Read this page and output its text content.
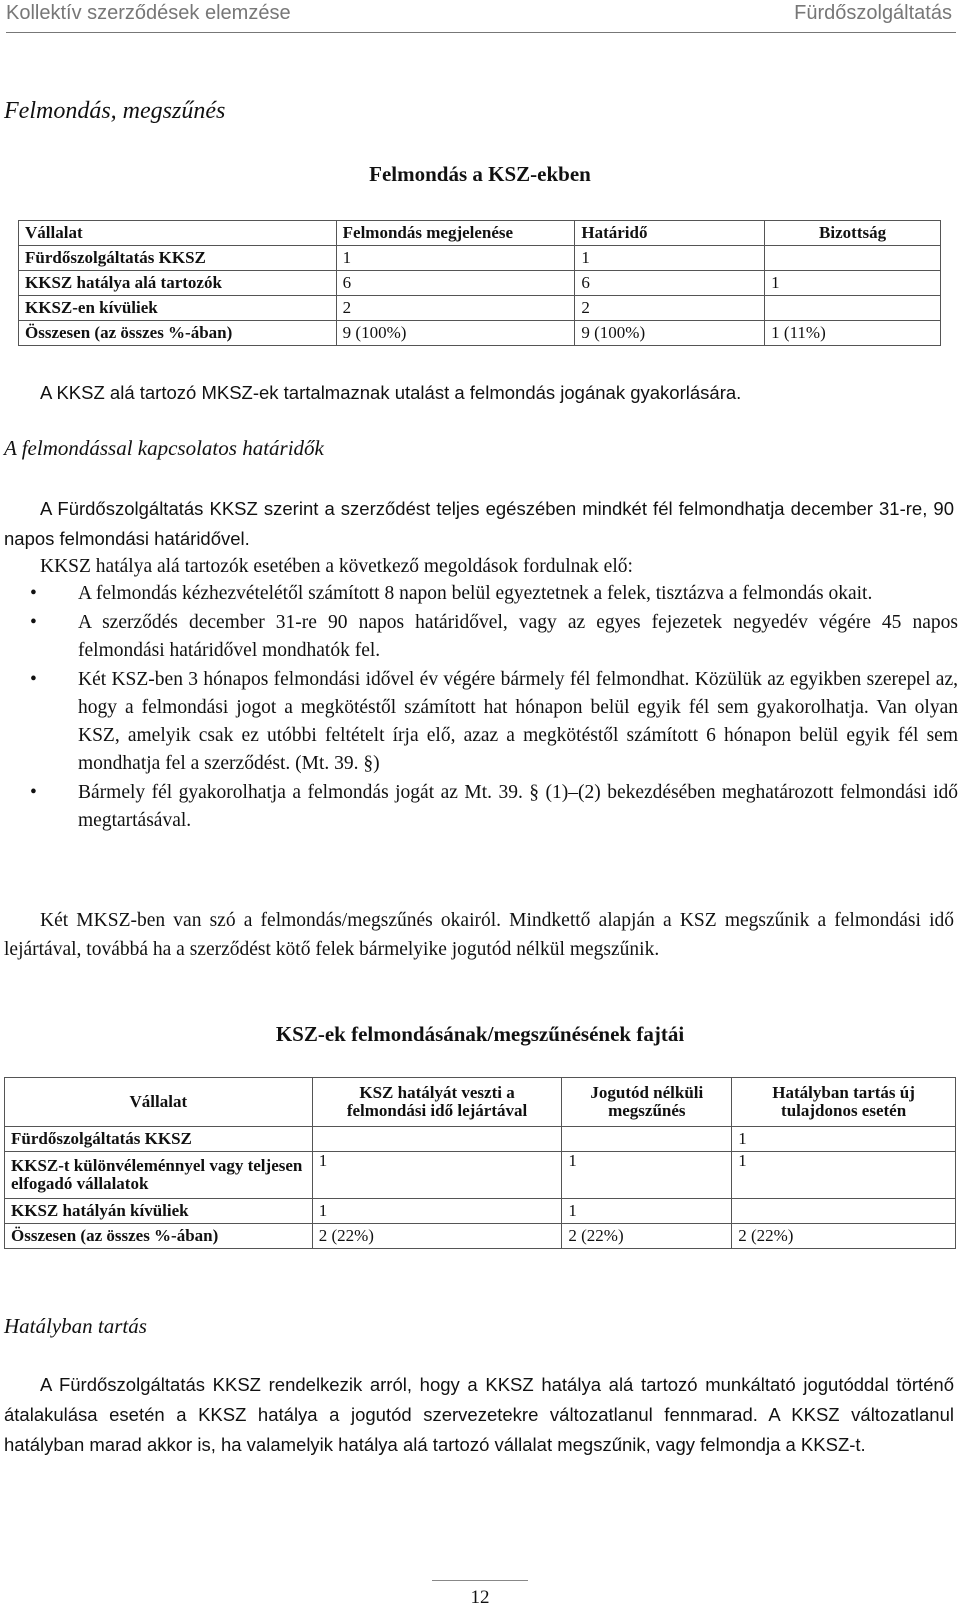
Kollektív szerződések elemzése	Fürdőszolgáltatás
Felmondás, megszűnés
Felmondás a KSZ-ekben
Vállalat	Felmondás megjelenése	Határidő	Bizottság
Fürdőszolgáltatás KKSZ	1	1	
KKSZ hatálya alá tartozók	6	6	1
KKSZ-en kívüliek	2	2	
Összesen (az összes %-ában)	9 (100%)	9 (100%)	1 (11%)
A KKSZ alá tartozó MKSZ-ek tartalmaznak utalást a felmondás jogának gyakorlására.
A felmondással kapcsolatos határidők
A Fürdőszolgáltatás KKSZ szerint a szerződést teljes egészében mindkét fél felmondhatja december 31-re, 90 napos felmondási határidővel.
KKSZ hatálya alá tartozók esetében a következő megoldások fordulnak elő:
• A felmondás kézhezvételétől számított 8 napon belül egyeztetnek a felek, tisztázva a felmondás okait.
• A szerződés december 31-re 90 napos határidővel, vagy az egyes fejezetek negyedév végére 45 napos felmondási határidővel mondhatók fel.
• Két KSZ-ben 3 hónapos felmondási idővel év végére bármely fél felmondhat. Közülük az egyikben szerepel az, hogy a felmondási jogot a megkötéstől számított hat hónapon belül egyik fél sem gyakorolhatja. Van olyan KSZ, amelyik csak ez utóbbi feltételt írja elő, azaz a megkötéstől számított 6 hónapon belül egyik fél sem mondhatja fel a szerződést. (Mt. 39. §)
• Bármely fél gyakorolhatja a felmondás jogát az Mt. 39. § (1)–(2) bekezdésében meghatározott felmondási idő megtartásával.
Két MKSZ-ben van szó a felmondás/megszűnés okairól. Mindkettő alapján a KSZ megszűnik a felmondási idő lejártával, továbbá ha a szerződést kötő felek bármelyike jogutód nélkül megszűnik.
KSZ-ek felmondásának/megszűnésének fajtái
Vállalat	KSZ hatályát veszti a felmondási idő lejártával	Jogutód nélküli megszűnés	Hatályban tartás új tulajdonos esetén
Fürdőszolgáltatás KKSZ			1
KKSZ-t különvéleménnyel vagy teljesen elfogadó vállalatok	1	1	1
KKSZ hatályán kívüliek	1	1	
Összesen (az összes %-ában)	2 (22%)	2 (22%)	2 (22%)
Hatályban tartás
A Fürdőszolgáltatás KKSZ rendelkezik arról, hogy a KKSZ hatálya alá tartozó munkáltató jogutóddal történő átalakulása esetén a KKSZ hatálya a jogutód szervezetekre változatlanul fennmarad. A KKSZ változatlanul hatályban marad akkor is, ha valamelyik hatálya alá tartozó vállalat megszűnik, vagy felmondja a KKSZ-t.
12
